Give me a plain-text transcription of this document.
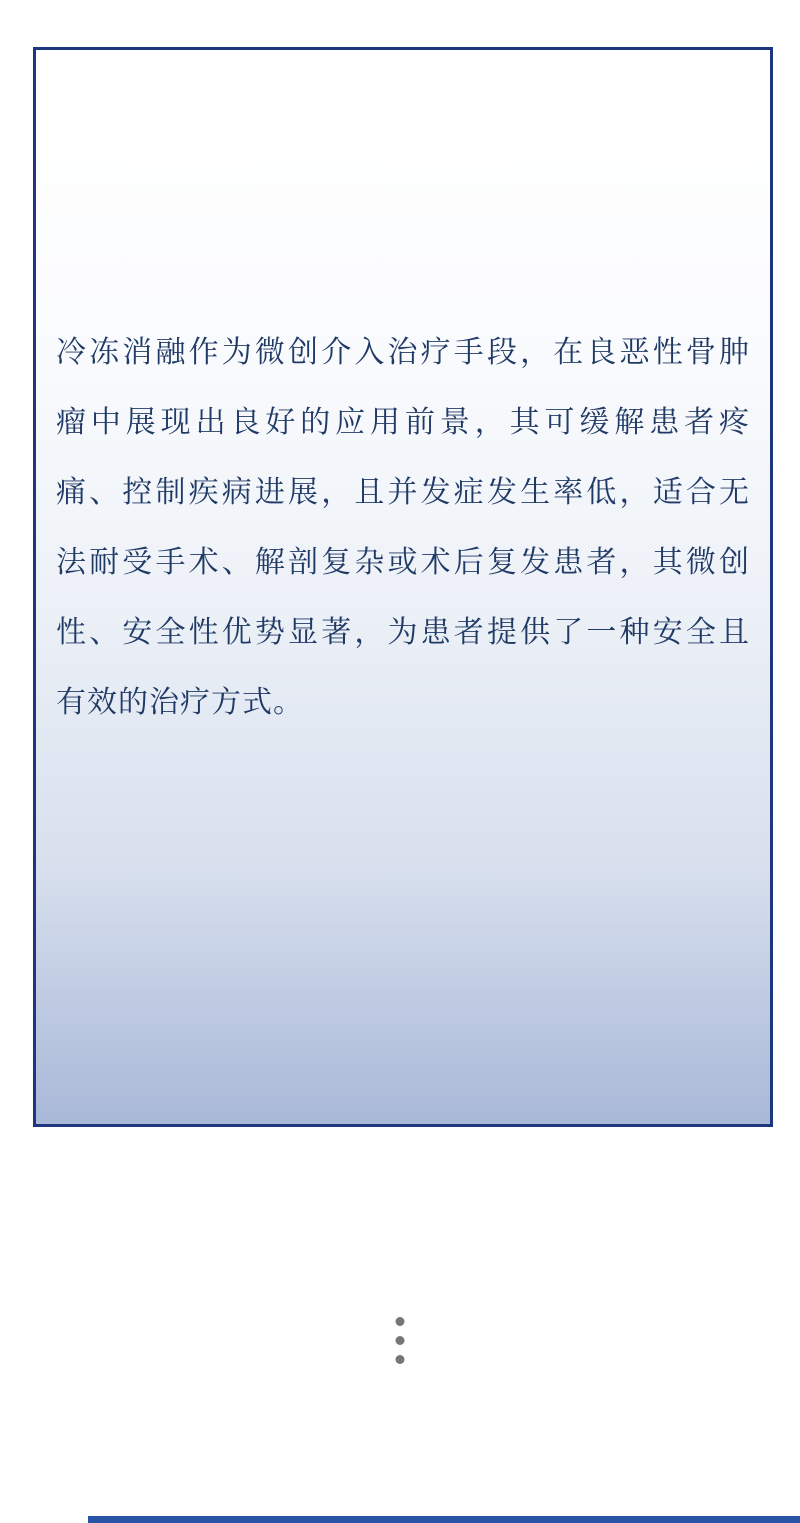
冷冻消融作为微创介入治疗手段，在良恶性骨肿
瘤中展现出良好的应用前景，其可缓解患者疼
痛、控制疾病进展，且并发症发生率低，适合无
法耐受手术、解剖复杂或术后复发患者，其微创
性、安全性优势显著，为患者提供了一种安全且
有效的治疗方式。
